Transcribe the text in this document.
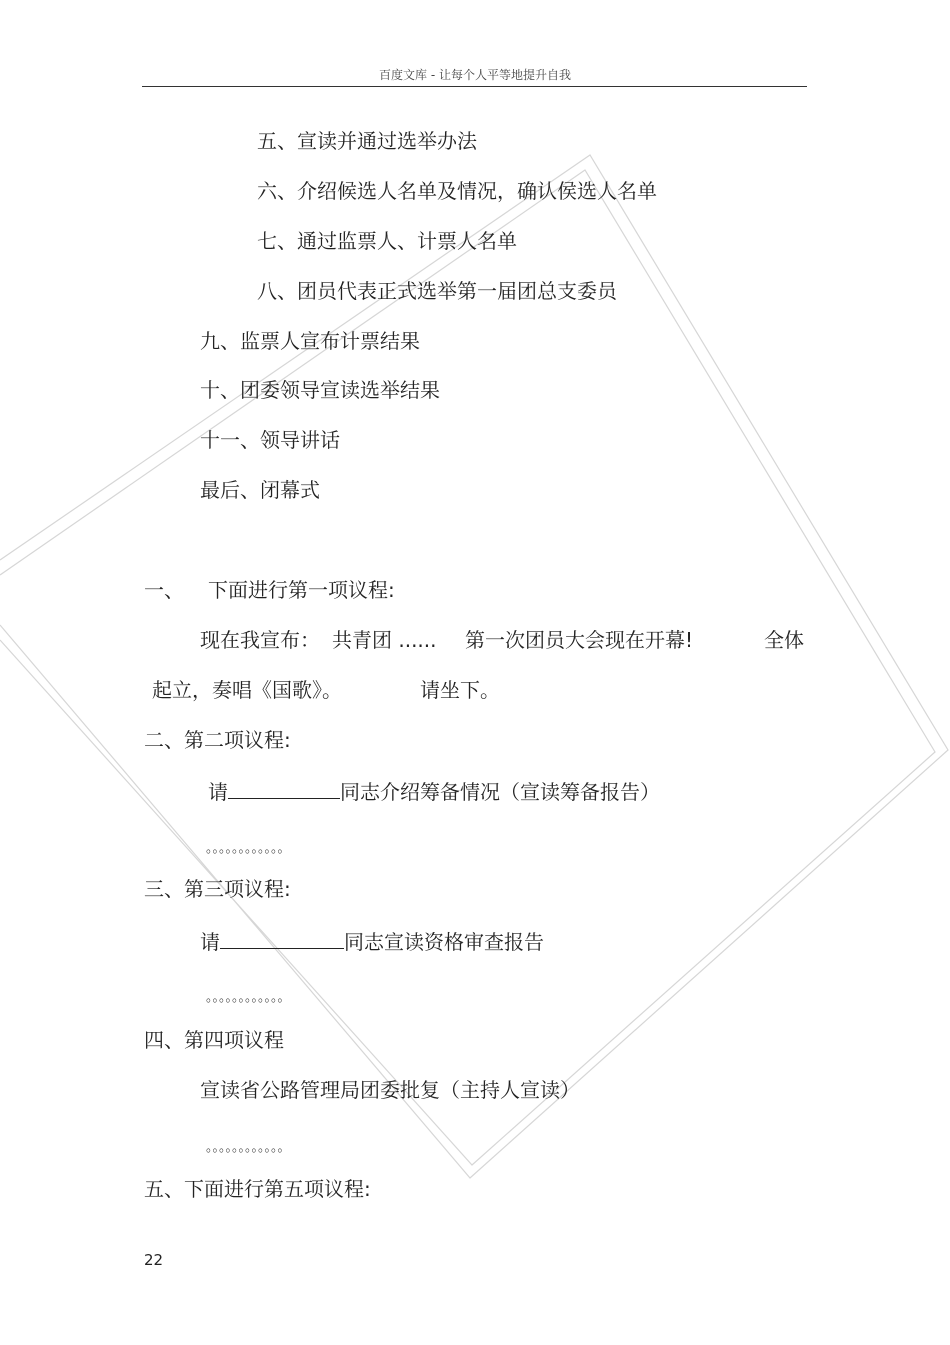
百度文库 - 让每个人平等地提升自我
五、宣读并通过选举办法
六、介绍候选人名单及情况，确认侯选人名单
七、通过监票人、计票人名单
八、团员代表正式选举第一届团总支委员
九、监票人宣布计票结果
十、团委领导宣读选举结果
十一、领导讲话
最后、闭幕式
一、 下面进行第一项议程:
现在我宣布： 共青团 ...... 第一次团员大会现在开幕!	全体
起立，奏唱《国歌》。	请坐下。
二、第二项议程:
请	同志介绍筹备情况（宣读筹备报告）
。。。。。。。。。。。。
三、第三项议程:
请	同志宣读资格审查报告
。。。。。。。。。。。。
四、第四项议程
宣读省公路管理局团委批复（主持人宣读）
。。。。。。。。。。。。
五、下面进行第五项议程:
22
